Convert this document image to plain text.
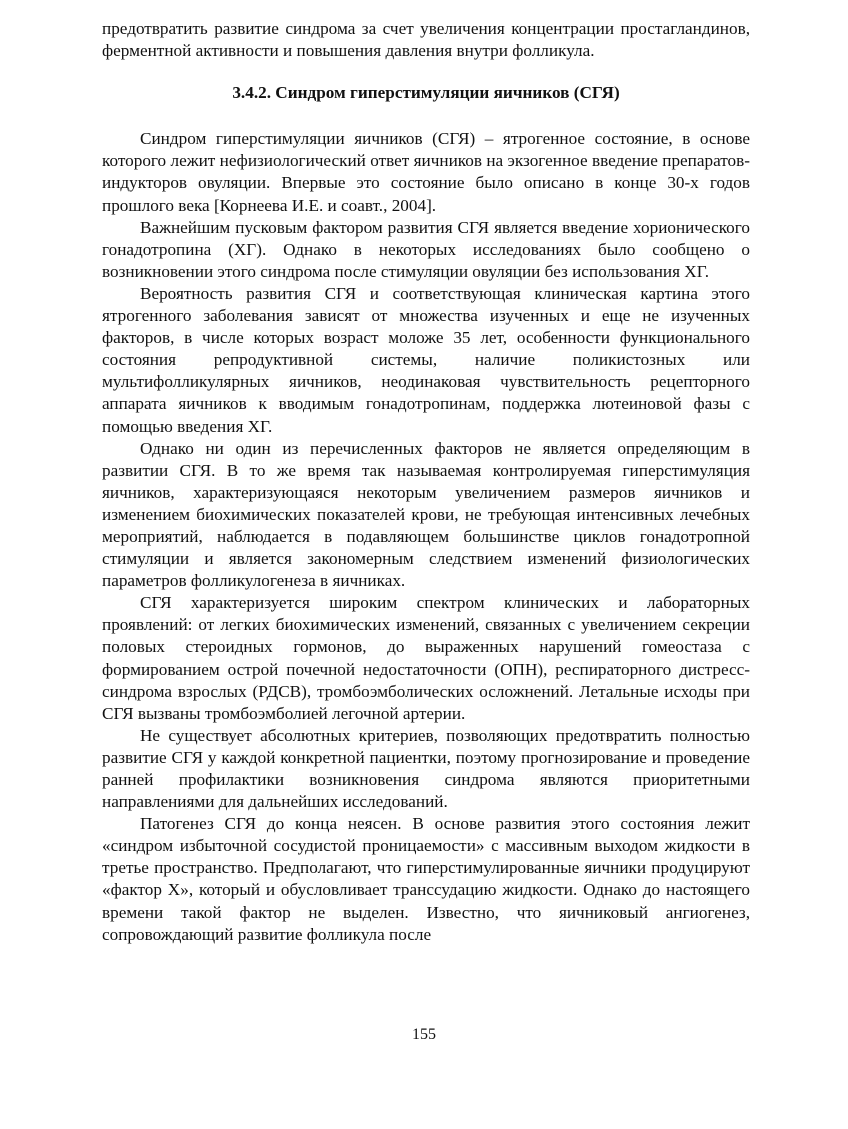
предотвратить развитие синдрома за счет увеличения концентрации простагландинов, ферментной активности и повышения давления внутри фолликула.

3.4.2. Синдром гиперстимуляции яичников (СГЯ)

Синдром гиперстимуляции яичников (СГЯ) – ятрогенное состояние, в основе которого лежит нефизиологический ответ яичников на экзогенное введение препаратов-индукторов овуляции. Впервые это состояние было описано в конце 30-х годов прошлого века [Корнеева И.Е. и соавт., 2004].

Важнейшим пусковым фактором развития СГЯ является введение хорионического гонадотропина (ХГ). Однако в некоторых исследованиях было сообщено о возникновении этого синдрома после стимуляции овуляции без использования ХГ.

Вероятность развития СГЯ и соответствующая клиническая картина этого ятрогенного заболевания зависят от множества изученных и еще не изученных факторов, в числе которых возраст моложе 35 лет, особенности функционального состояния репродуктивной системы, наличие поликистозных или мультифолликулярных яичников, неодинаковая чувствительность рецепторного аппарата яичников к вводимым гонадотропинам, поддержка лютеиновой фазы с помощью введения ХГ.

Однако ни один из перечисленных факторов не является определяющим в развитии СГЯ. В то же время так называемая контролируемая гиперстимуляция яичников, характеризующаяся некоторым увеличением размеров яичников и изменением биохимических показателей крови, не требующая интенсивных лечебных мероприятий, наблюдается в подавляющем большинстве циклов гонадотропной стимуляции и является закономерным следствием изменений физиологических параметров фолликулогенеза в яичниках.

СГЯ характеризуется широким спектром клинических и лабораторных проявлений: от легких биохимических изменений, связанных с увеличением секреции половых стероидных гормонов, до выраженных нарушений гомеостаза с формированием острой почечной недостаточности (ОПН), респираторного дистресс-синдрома взрослых (РДСВ), тромбоэмболических осложнений. Летальные исходы при СГЯ вызваны тромбоэмболией легочной артерии.

Не существует абсолютных критериев, позволяющих предотвратить полностью развитие СГЯ у каждой конкретной пациентки, поэтому прогнозирование и проведение ранней профилактики возникновения синдрома являются приоритетными направлениями для дальнейших исследований.

Патогенез СГЯ до конца неясен. В основе развития этого состояния лежит «синдром избыточной сосудистой проницаемости» с массивным выходом жидкости в третье пространство. Предполагают, что гиперстимулированные яичники продуцируют «фактор Х», который и обусловливает транссудацию жидкости. Однако до настоящего времени такой фактор не выделен. Известно, что яичниковый ангиогенез, сопровождающий развитие фолликула после

155
